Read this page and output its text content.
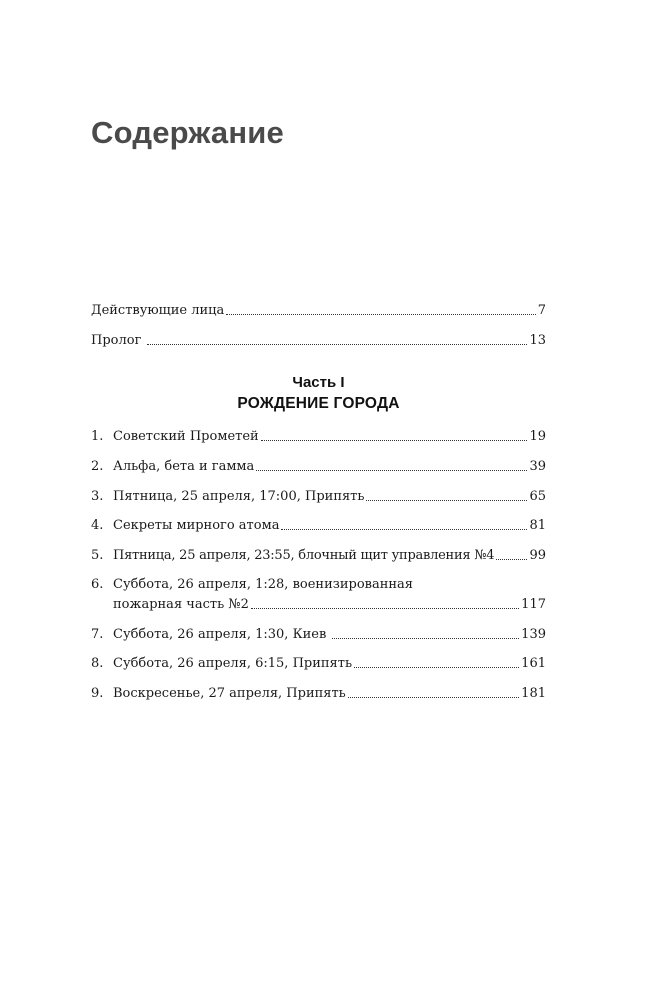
Содержание
Действующие лица	7
Пролог	13
Часть I
РОЖДЕНИЕ ГОРОДА
1. Советский Прометей	19
2. Альфа, бета и гамма	39
3. Пятница, 25 апреля, 17:00, Припять	65
4. Секреты мирного атома	81
5. Пятница, 25 апреля, 23:55, блочный щит управления №4	99
6. Суббота, 26 апреля, 1:28, военизированная
пожарная часть №2	117
7. Суббота, 26 апреля, 1:30, Киев	139
8. Суббота, 26 апреля, 6:15, Припять	161
9. Воскресенье, 27 апреля, Припять	181
